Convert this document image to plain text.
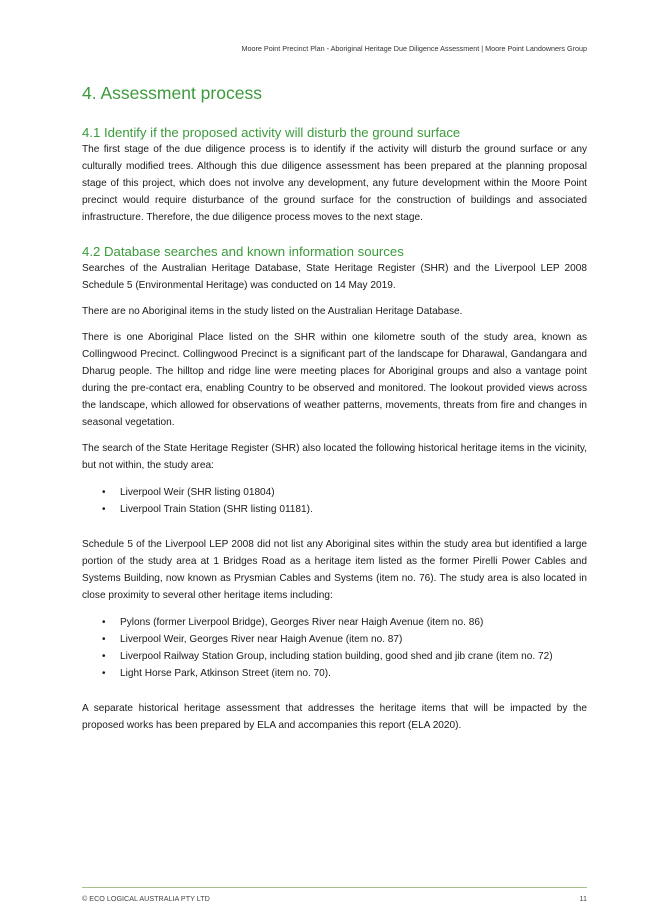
Moore Point Precinct Plan - Aboriginal Heritage Due Diligence Assessment | Moore Point Landowners Group
4. Assessment process
4.1 Identify if the proposed activity will disturb the ground surface

The first stage of the due diligence process is to identify if the activity will disturb the ground surface or any culturally modified trees. Although this due diligence assessment has been prepared at the planning proposal stage of this project, which does not involve any development, any future development within the Moore Point precinct would require disturbance of the ground surface for the construction of buildings and associated infrastructure. Therefore, the due diligence process moves to the next stage.

4.2 Database searches and known information sources

Searches of the Australian Heritage Database, State Heritage Register (SHR) and the Liverpool LEP 2008 Schedule 5 (Environmental Heritage) was conducted on 14 May 2019.

There are no Aboriginal items in the study listed on the Australian Heritage Database.

There is one Aboriginal Place listed on the SHR within one kilometre south of the study area, known as Collingwood Precinct. Collingwood Precinct is a significant part of the landscape for Dharawal, Gandangara and Dharug people. The hilltop and ridge line were meeting places for Aboriginal groups and also a vantage point during the pre-contact era, enabling Country to be observed and monitored. The lookout provided views across the landscape, which allowed for observations of weather patterns, movements, threats from fire and changes in seasonal vegetation.

The search of the State Heritage Register (SHR) also located the following historical heritage items in the vicinity, but not within, the study area:

• Liverpool Weir (SHR listing 01804)
• Liverpool Train Station (SHR listing 01181).

Schedule 5 of the Liverpool LEP 2008 did not list any Aboriginal sites within the study area but identified a large portion of the study area at 1 Bridges Road as a heritage item listed as the former Pirelli Power Cables and Systems Building, now known as Prysmian Cables and Systems (item no. 76). The study area is also located in close proximity to several other heritage items including:

• Pylons (former Liverpool Bridge), Georges River near Haigh Avenue (item no. 86)
• Liverpool Weir, Georges River near Haigh Avenue (item no. 87)
• Liverpool Railway Station Group, including station building, good shed and jib crane (item no. 72)
• Light Horse Park, Atkinson Street (item no. 70).

A separate historical heritage assessment that addresses the heritage items that will be impacted by the proposed works has been prepared by ELA and accompanies this report (ELA 2020).

© ECO LOGICAL AUSTRALIA PTY LTD	11
